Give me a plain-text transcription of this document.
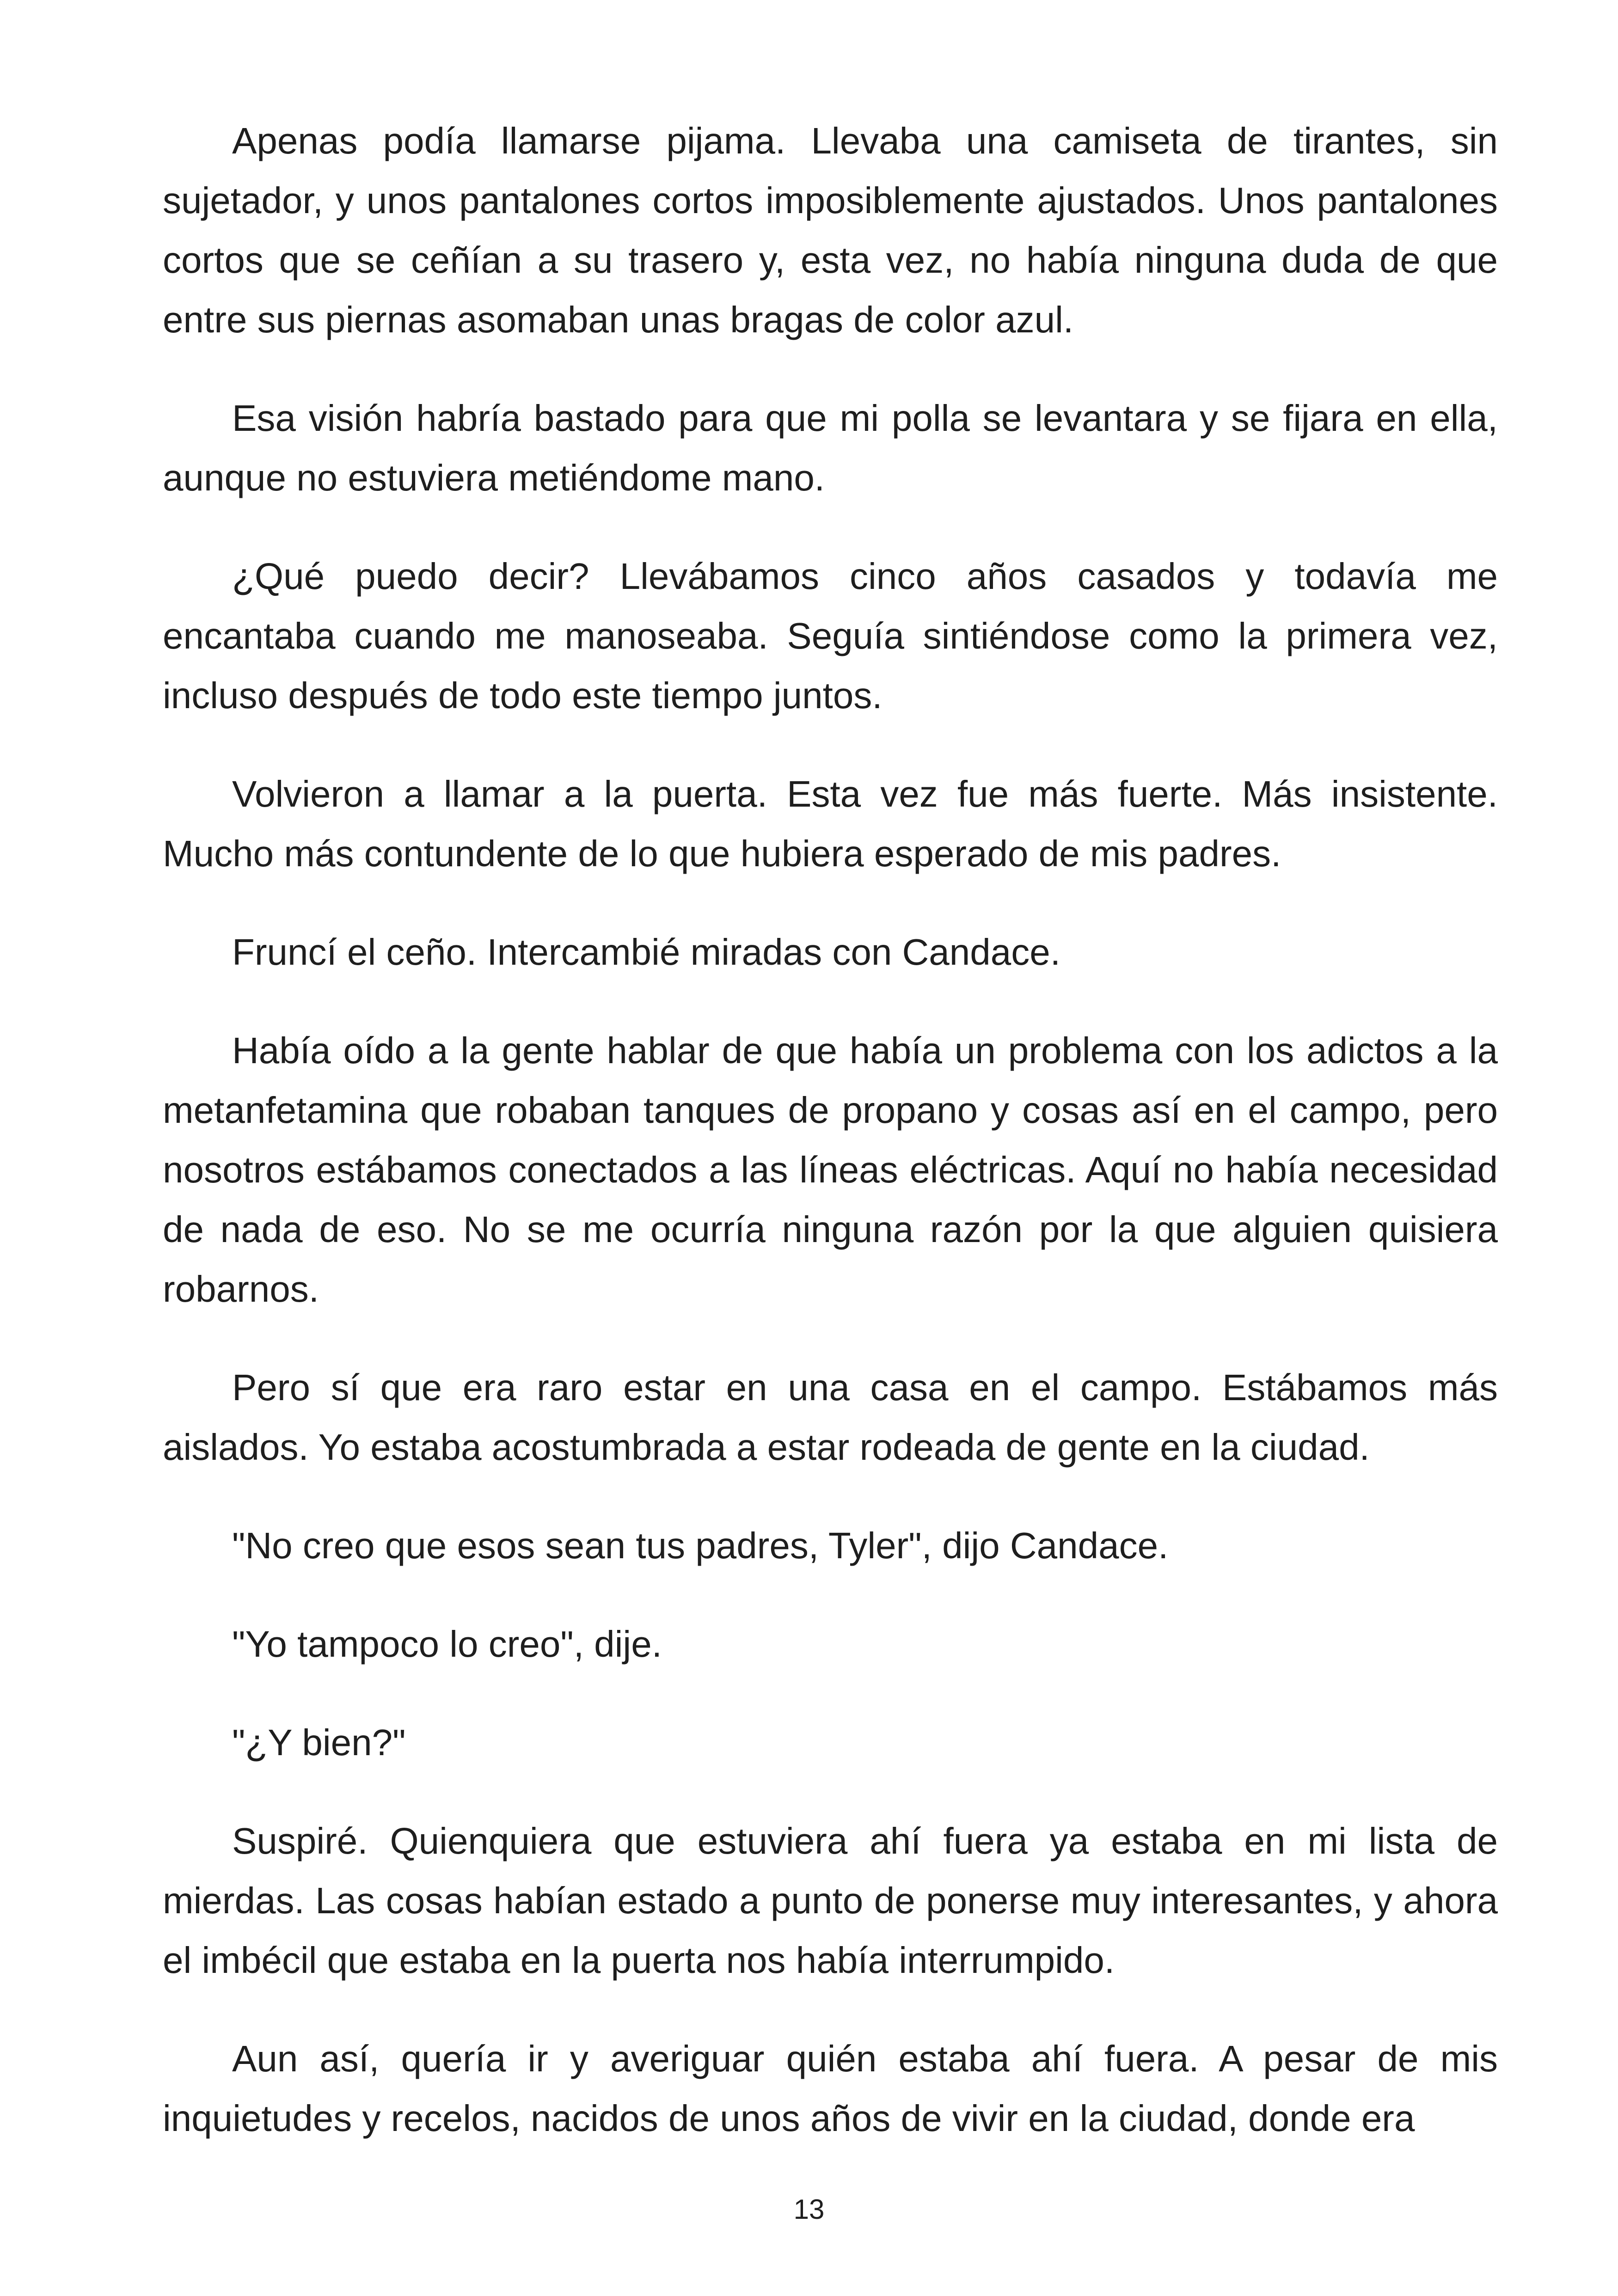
Apenas podía llamarse pijama. Llevaba una camiseta de tirantes, sin sujetador, y unos pantalones cortos imposiblemente ajustados. Unos pantalones cortos que se ceñían a su trasero y, esta vez, no había ninguna duda de que entre sus piernas asomaban unas bragas de color azul.

Esa visión habría bastado para que mi polla se levantara y se fijara en ella, aunque no estuviera metiéndome mano.

¿Qué puedo decir? Llevábamos cinco años casados y todavía me encantaba cuando me manoseaba. Seguía sintiéndose como la primera vez, incluso después de todo este tiempo juntos.

Volvieron a llamar a la puerta. Esta vez fue más fuerte. Más insistente. Mucho más contundente de lo que hubiera esperado de mis padres.

Fruncí el ceño. Intercambié miradas con Candace.

Había oído a la gente hablar de que había un problema con los adictos a la metanfetamina que robaban tanques de propano y cosas así en el campo, pero nosotros estábamos conectados a las líneas eléctricas. Aquí no había necesidad de nada de eso. No se me ocurría ninguna razón por la que alguien quisiera robarnos.

Pero sí que era raro estar en una casa en el campo. Estábamos más aislados. Yo estaba acostumbrada a estar rodeada de gente en la ciudad.

"No creo que esos sean tus padres, Tyler", dijo Candace.

"Yo tampoco lo creo", dije.

"¿Y bien?"

Suspiré. Quienquiera que estuviera ahí fuera ya estaba en mi lista de mierdas. Las cosas habían estado a punto de ponerse muy interesantes, y ahora el imbécil que estaba en la puerta nos había interrumpido.

Aun así, quería ir y averiguar quién estaba ahí fuera. A pesar de mis inquietudes y recelos, nacidos de unos años de vivir en la ciudad, donde era

13
